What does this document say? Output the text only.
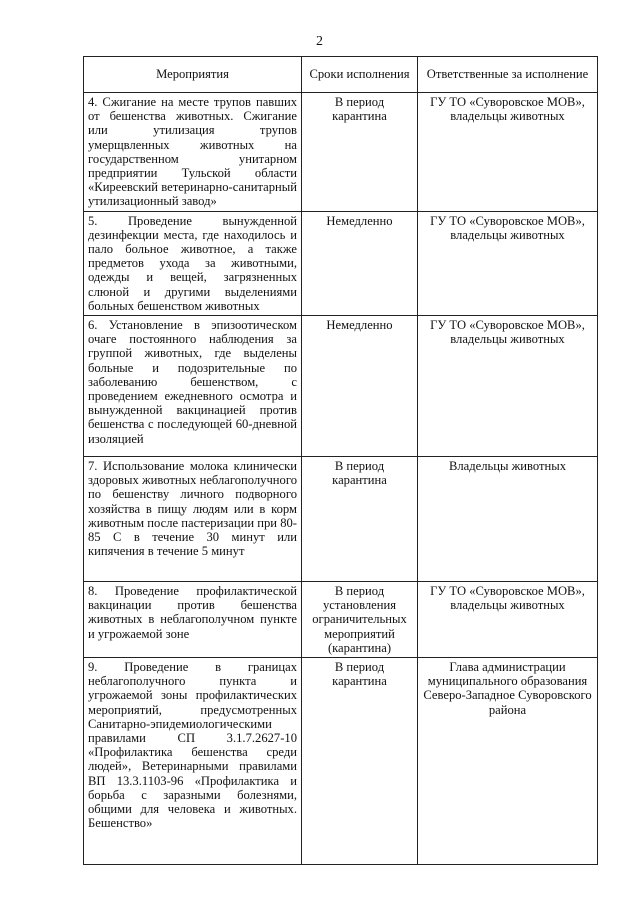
2
Мероприятия	Сроки исполнения	Ответственные за исполнение
4. Сжигание на месте трупов павших от бешенства животных. Сжигание или утилизация трупов умерщвленных животных на государственном унитарном предприятии Тульской области «Киреевский ветеринарно-санитарный утилизационный завод»	В период карантина	ГУ ТО «Суворовское МОВ», владельцы животных
5. Проведение вынужденной дезинфекции места, где находилось и пало больное животное, а также предметов ухода за животными, одежды и вещей, загрязненных слюной и другими выделениями больных бешенством животных	Немедленно	ГУ ТО «Суворовское МОВ», владельцы животных
6. Установление в эпизоотическом очаге постоянного наблюдения за группой животных, где выделены больные и подозрительные по заболеванию бешенством, с проведением ежедневного осмотра и вынужденной вакцинацией против бешенства с последующей 60-дневной изоляцией	Немедленно	ГУ ТО «Суворовское МОВ», владельцы животных
7. Использование молока клинически здоровых животных неблагополучного по бешенству личного подворного хозяйства в пищу людям или в корм животным после пастеризации при 80-85 С в течение 30 минут или кипячения в течение 5 минут	В период карантина	Владельцы животных
8. Проведение профилактической вакцинации против бешенства животных в неблагополучном пункте и угрожаемой зоне	В период установления ограничительных мероприятий (карантина)	ГУ ТО «Суворовское МОВ», владельцы животных
9. Проведение в границах неблагополучного пункта и угрожаемой зоны профилактических мероприятий, предусмотренных Санитарно-эпидемиологическими правилами СП 3.1.7.2627-10 «Профилактика бешенства среди людей», Ветеринарными правилами ВП 13.3.1103-96 «Профилактика и борьба с заразными болезнями, общими для человека и животных. Бешенство»	В период карантина	Глава администрации муниципального образования Северо-Западное Суворовского района
